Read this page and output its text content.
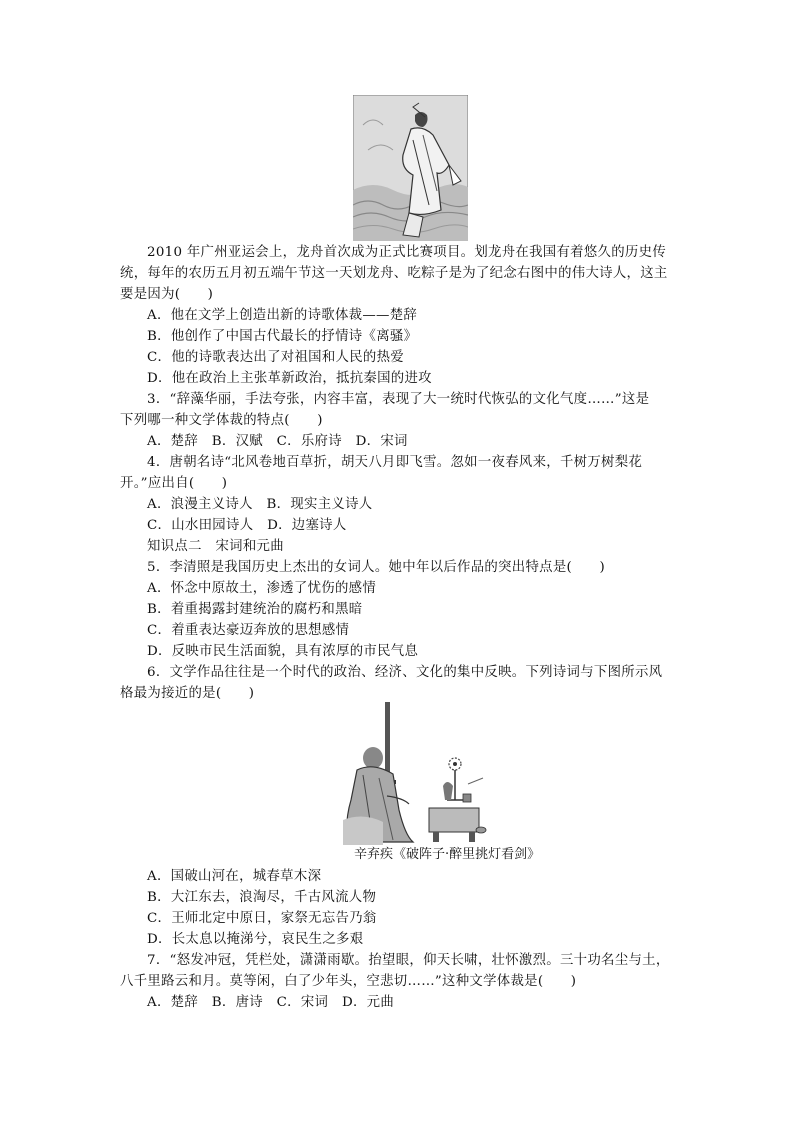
2010 年广州亚运会上，龙舟首次成为正式比赛项目。划龙舟在我国有着悠久的历史传
统，每年的农历五月初五端午节这一天划龙舟、吃粽子是为了纪念右图中的伟大诗人，这主
要是因为(　　)
A．他在文学上创造出新的诗歌体裁——楚辞
B．他创作了中国古代最长的抒情诗《离骚》
C．他的诗歌表达出了对祖国和人民的热爱
D．他在政治上主张革新政治，抵抗秦国的进攻
3．“辞藻华丽，手法夸张，内容丰富，表现了大一统时代恢弘的文化气度……”这是
下列哪一种文学体裁的特点(　　)
A．楚辞　B．汉赋　C．乐府诗　D．宋词
4．唐朝名诗“北风卷地百草折，胡天八月即飞雪。忽如一夜春风来，千树万树梨花
开。”应出自(　　)
A．浪漫主义诗人　B．现实主义诗人
C．山水田园诗人　D．边塞诗人
知识点二　宋词和元曲
5．李清照是我国历史上杰出的女词人。她中年以后作品的突出特点是(　　)
A．怀念中原故土，渗透了忧伤的感情
B．着重揭露封建统治的腐朽和黑暗
C．着重表达豪迈奔放的思想感情
D．反映市民生活面貌，具有浓厚的市民气息
6．文学作品往往是一个时代的政治、经济、文化的集中反映。下列诗词与下图所示风
格最为接近的是(　　)
辛弃疾《破阵子·醉里挑灯看剑》
A．国破山河在，城春草木深
B．大江东去，浪淘尽，千古风流人物
C．王师北定中原日，家祭无忘告乃翁
D．长太息以掩涕兮，哀民生之多艰
7．“怒发冲冠，凭栏处，潇潇雨歇。抬望眼，仰天长啸，壮怀激烈。三十功名尘与土，
八千里路云和月。莫等闲，白了少年头，空悲切……”这种文学体裁是(　　)
A．楚辞　B．唐诗　C．宋词　D．元曲
